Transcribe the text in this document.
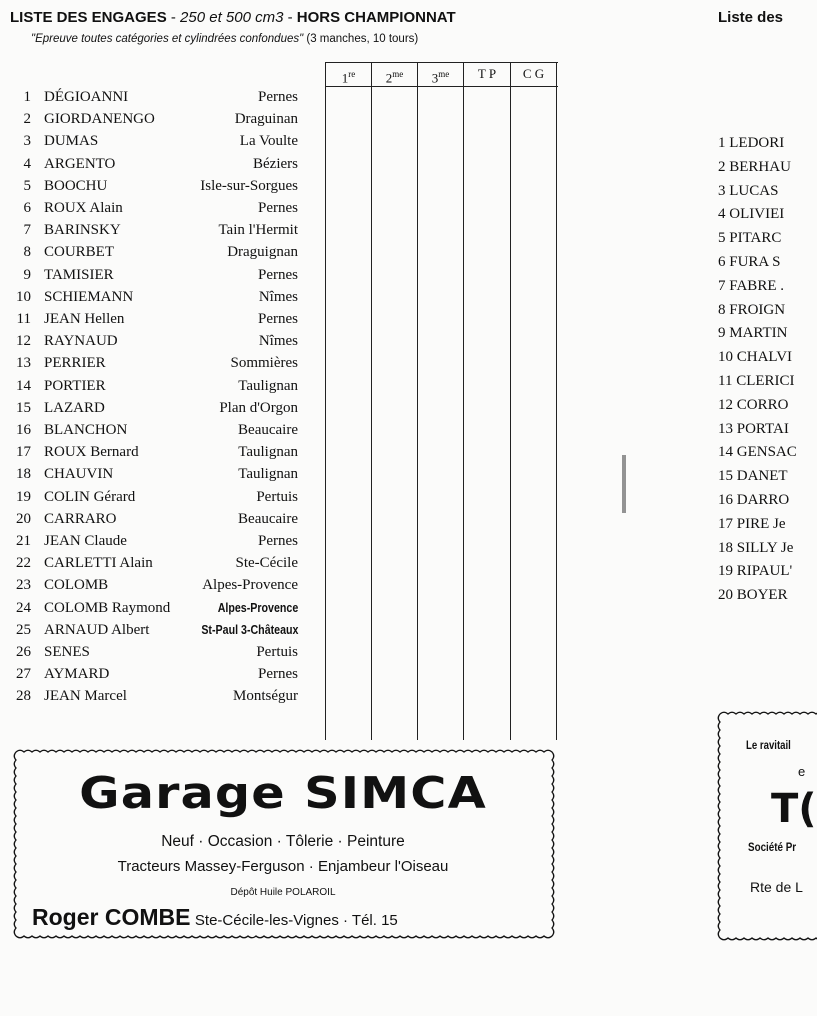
LISTE DES ENGAGES - 250 et 500 cm3 - HORS CHAMPIONNAT
"Epreuve toutes catégories et cylindrées confondues" (3 manches, 10 tours)
1re	$2^{me}$	$3^{me}$	T P	C G
1 DÉGIOANNI	Pernes
2 GIORDANENGO	Draguinan
3 DUMAS	La Voulte
4 ARGENTO	Béziers
5 BOOCHU	Isle-sur-Sorgues
6 ROUX Alain	Pernes
7 BARINSKY	Tain l'Hermit
8 COURBET	Draguignan
9 TAMISIER	Pernes
10 SCHIEMANN	Nîmes
11 JEAN Hellen	Pernes
12 RAYNAUD	Nîmes
13 PERRIER	Sommières
14 PORTIER	Taulignan
15 LAZARD	Plan d'Orgon
16 BLANCHON	Beaucaire
17 ROUX Bernard	Taulignan
18 CHAUVIN	Taulignan
19 COLIN Gérard	Pertuis
20 CARRARO	Beaucaire
21 JEAN Claude	Pernes
22 CARLETTI Alain	Ste-Cécile
23 COLOMB	Alpes-Provence
24 COLOMB Raymond	Alpes-Provence
25 ARNAUD Albert	St-Paul 3-Châteaux
26 SENES	Pertuis
27 AYMARD	Pernes
28 JEAN Marcel	Montségur
Garage SIMCA
Neuf · Occasion · Tôlerie · Peinture
Tracteurs Massey-Ferguson · Enjambeur l'Oiseau
Dépôt Huile POLAROIL
Roger COMBE Ste-Cécile-les-Vignes · Tél. 15
Liste des
1 LEDORI
2 BERHAU
3 LUCAS
4 OLIVIEI
5 PITARC
6 FURA S
7 FABRE .
8 FROIGN
9 MARTIN
10 CHALVI
11 CLERICI
12 CORRO
13 PORTAI
14 GENSAC
15 DANET
16 DARRO
17 PIRE Je
18 SILLY Je
19 RIPAUL'
20 BOYER
Le ravitail
e
T(
Société Pr
Rte de L
